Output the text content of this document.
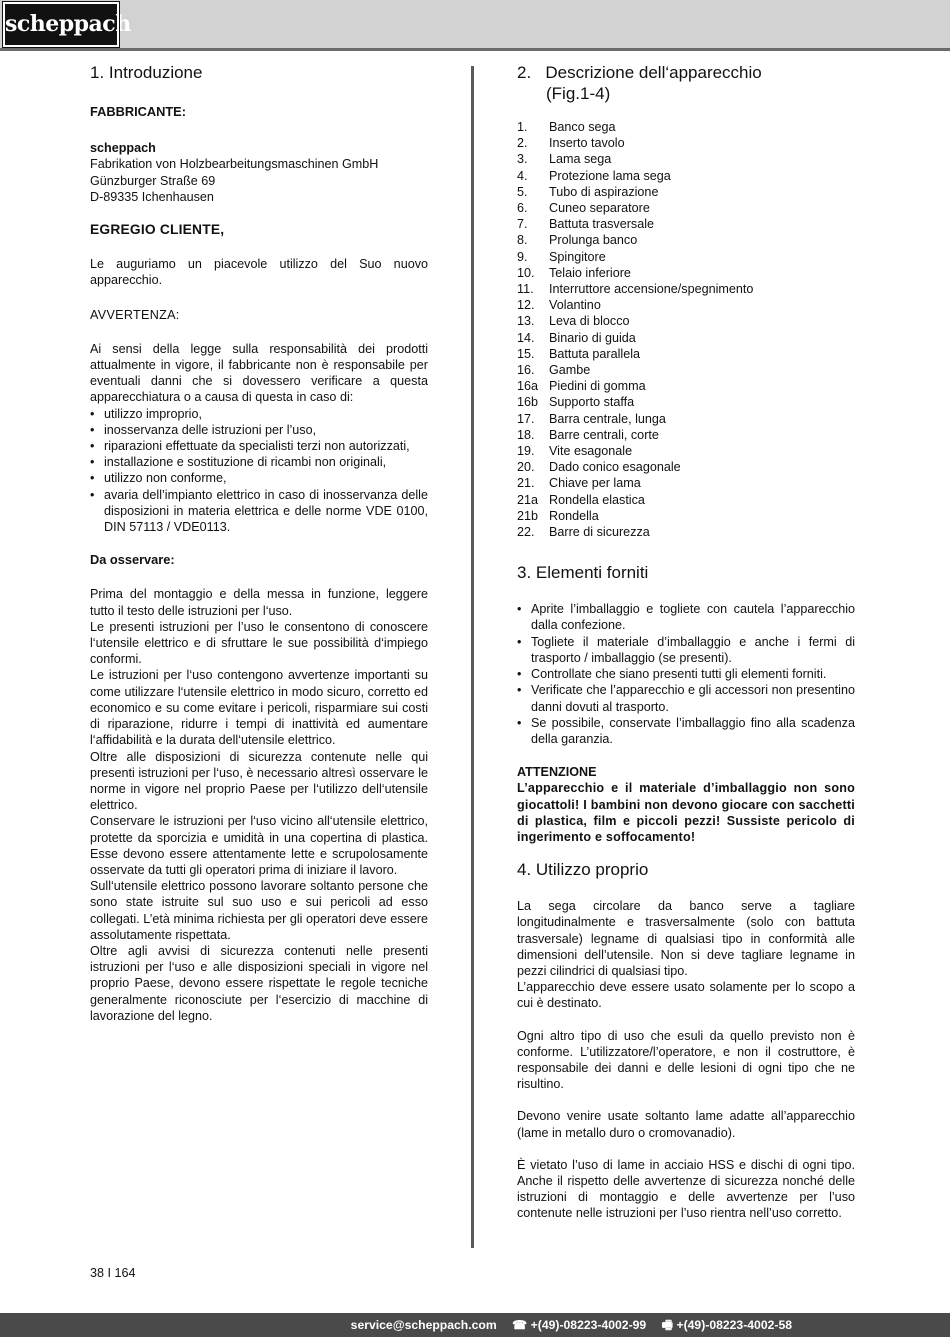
scheppach
1. Introduzione
FABBRICANTE:
scheppach
Fabrikation von Holzbearbeitungsmaschinen GmbH
Günzburger Straße 69
D-89335 Ichenhausen
EGREGIO CLIENTE,
Le auguriamo un piacevole utilizzo del Suo nuovo apparecchio.
AVVERTENZA:
Ai sensi della legge sulla responsabilità dei prodotti attualmente in vigore, il fabbricante non è responsabile per eventuali danni che si dovessero verificare a questa apparecchiatura o a causa di questa in caso di:
• utilizzo improprio,
• inosservanza delle istruzioni per l’uso,
• riparazioni effettuate da specialisti terzi non autorizzati,
• installazione e sostituzione di ricambi non originali,
• utilizzo non conforme,
• avaria dell’impianto elettrico in caso di inosservanza delle disposizioni in materia elettrica e delle norme VDE 0100, DIN 57113 / VDE0113.
Da osservare:
Prima del montaggio e della messa in funzione, leggere tutto il testo delle istruzioni per l‘uso.
Le presenti istruzioni per l’uso le consentono di conoscere l‘utensile elettrico e di sfruttare le sue possibilità d‘impiego conformi.
Le istruzioni per l‘uso contengono avvertenze importanti su come utilizzare l‘utensile elettrico in modo sicuro, corretto ed economico e su come evitare i pericoli, risparmiare sui costi di riparazione, ridurre i tempi di inattività ed aumentare l‘affidabilità e la durata dell‘utensile elettrico.
Oltre alle disposizioni di sicurezza contenute nelle qui presenti istruzioni per l‘uso, è necessario altresì osservare le norme in vigore nel proprio Paese per l‘utilizzo dell‘utensile elettrico.
Conservare le istruzioni per l‘uso vicino all‘utensile elettrico, protette da sporcizia e umidità in una copertina di plastica. Esse devono essere attentamente lette e scrupolosamente osservate da tutti gli operatori prima di iniziare il lavoro.
Sull‘utensile elettrico possono lavorare soltanto persone che sono state istruite sul suo uso e sui pericoli ad esso collegati. L’età minima richiesta per gli operatori deve essere assolutamente rispettata.
Oltre agli avvisi di sicurezza contenuti nelle presenti istruzioni per l‘uso e alle disposizioni speciali in vigore nel proprio Paese, devono essere rispettate le regole tecniche generalmente riconosciute per l‘esercizio di macchine di lavorazione del legno.
2.   Descrizione dell‘apparecchio
(Fig.1-4)
1.	Banco sega
2.	Inserto tavolo
3.	Lama sega
4.	Protezione lama sega
5.	Tubo di aspirazione
6.	Cuneo separatore
7.	Battuta trasversale
8.	Prolunga banco
9.	Spingitore
10.	Telaio inferiore
11.	Interruttore accensione/spegnimento
12.	Volantino
13.	Leva di blocco
14.	Binario di guida
15.	Battuta parallela
16.	Gambe
16a Piedini di gomma
16b Supporto staffa
17.	Barra centrale, lunga
18.	Barre centrali, corte
19.	Vite esagonale
20.	Dado conico esagonale
21.	Chiave per lama
21a Rondella elastica
21b Rondella
22.	Barre di sicurezza
3. Elementi forniti
• Aprite l’imballaggio e togliete con cautela l’apparecchio dalla confezione.
• Togliete il materiale d’imballaggio e anche i fermi di trasporto / imballaggio (se presenti).
• Controllate che siano presenti tutti gli elementi forniti.
• Verificate che l’apparecchio e gli accessori non presentino danni dovuti al trasporto.
• Se possibile, conservate l’imballaggio fino alla scadenza della garanzia.
ATTENZIONE
L’apparecchio e il materiale d’imballaggio non sono giocattoli! I bambini non devono giocare con sacchetti di plastica, film e piccoli pezzi! Sussiste pericolo di ingerimento e soffocamento!
4. Utilizzo proprio
La sega circolare da banco serve a tagliare longitudinalmente e trasversalmente (solo con battuta trasversale) legname di qualsiasi tipo in conformità alle dimensioni dell’utensile. Non si deve tagliare legname in pezzi cilindrici di qualsiasi tipo.
L’apparecchio deve essere usato solamente per lo scopo a cui è destinato.
Ogni altro tipo di uso che esuli da quello previsto non è conforme. L’utilizzatore/l’operatore, e non il costruttore, è responsabile dei danni e delle lesioni di ogni tipo che ne risultino.
Devono venire usate soltanto lame adatte all’apparecchio (lame in metallo duro o cromovanadio).
È vietato l’uso di lame in acciaio HSS e dischi di ogni tipo. Anche il rispetto delle avvertenze di sicurezza nonché delle istruzioni di montaggio e delle avvertenze per l’uso contenute nelle istruzioni per l’uso rientra nell’uso corretto.
38 I 164
service@scheppach.com ☎ +(49)-08223-4002-99 🖷 +(49)-08223-4002-58
